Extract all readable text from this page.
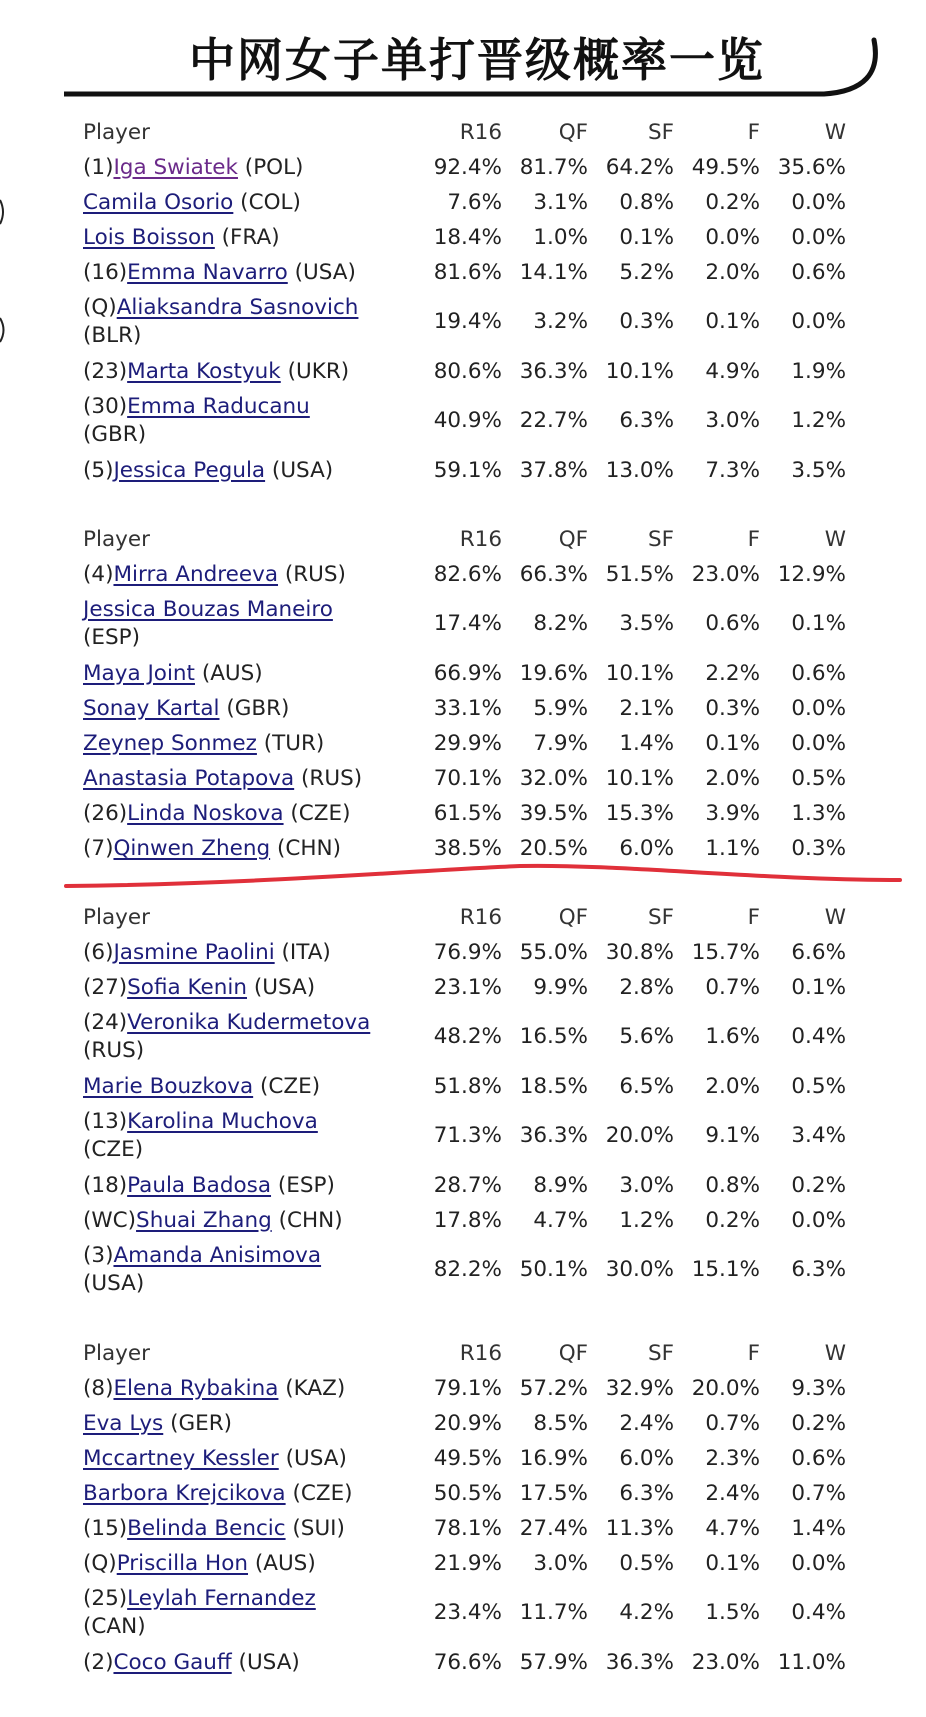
中网女子单打晋级概率一览
Player	R16	QF	SF	F	W
(1)Iga Swiatek (POL)	92.4% 81.7% 64.2% 49.5% 35.6%
Camila Osorio (COL)	7.6%	3.1%	0.8%	0.2%	0.0%
Lois Boisson (FRA)	18.4%	1.0%	0.1%	0.0%	0.0%
(16)Emma Navarro (USA)	81.6% 14.1%	5.2%	2.0%	0.6%
(Q)Aliaksandra Sasnovich
(BLR)
19.4%	3.2%	0.3%	0.1%	0.0%
(23)Marta Kostyuk (UKR)	80.6% 36.3% 10.1%	4.9%	1.9%
(30)Emma Raducanu
(GBR)
40.9% 22.7%	6.3%	3.0%	1.2%
(5)Jessica Pegula (USA)	59.1% 37.8% 13.0%	7.3%	3.5%
Player	R16	QF	SF	F	W
(4)Mirra Andreeva (RUS)	82.6% 66.3% 51.5% 23.0% 12.9%
Jessica Bouzas Maneiro
(ESP)
17.4%	8.2%	3.5%	0.6%	0.1%
Maya Joint (AUS)	66.9% 19.6% 10.1%	2.2%	0.6%
Sonay Kartal (GBR)	33.1%	5.9%	2.1%	0.3%	0.0%
Zeynep Sonmez (TUR)	29.9%	7.9%	1.4%	0.1%	0.0%
Anastasia Potapova (RUS)	70.1% 32.0% 10.1%	2.0%	0.5%
(26)Linda Noskova (CZE)	61.5% 39.5% 15.3%	3.9%	1.3%
(7)Qinwen Zheng (CHN)	38.5% 20.5%	6.0%	1.1%	0.3%
Player	R16	QF	SF	F	W
(6)Jasmine Paolini (ITA)	76.9% 55.0% 30.8% 15.7%	6.6%
(27)Sofia Kenin (USA)	23.1%	9.9%	2.8%	0.7%	0.1%
(24)Veronika Kudermetova
(RUS)
48.2% 16.5%	5.6%	1.6%	0.4%
Marie Bouzkova (CZE)	51.8% 18.5%	6.5%	2.0%	0.5%
(13)Karolina Muchova
(CZE)
71.3% 36.3% 20.0%	9.1%	3.4%
(18)Paula Badosa (ESP)	28.7%	8.9%	3.0%	0.8%	0.2%
(WC)Shuai Zhang (CHN)	17.8%	4.7%	1.2%	0.2%	0.0%
(3)Amanda Anisimova
(USA)
82.2% 50.1% 30.0% 15.1%	6.3%
Player	R16	QF	SF	F	W
(8)Elena Rybakina (KAZ)	79.1% 57.2% 32.9% 20.0%	9.3%
Eva Lys (GER)	20.9%	8.5%	2.4%	0.7%	0.2%
Mccartney Kessler (USA)	49.5% 16.9%	6.0%	2.3%	0.6%
Barbora Krejcikova (CZE)	50.5% 17.5%	6.3%	2.4%	0.7%
(15)Belinda Bencic (SUI)	78.1% 27.4% 11.3%	4.7%	1.4%
(Q)Priscilla Hon (AUS)	21.9%	3.0%	0.5%	0.1%	0.0%
(25)Leylah Fernandez
(CAN)
23.4% 11.7%	4.2%	1.5%	0.4%
(2)Coco Gauff (USA)	76.6% 57.9% 36.3% 23.0% 11.0%
